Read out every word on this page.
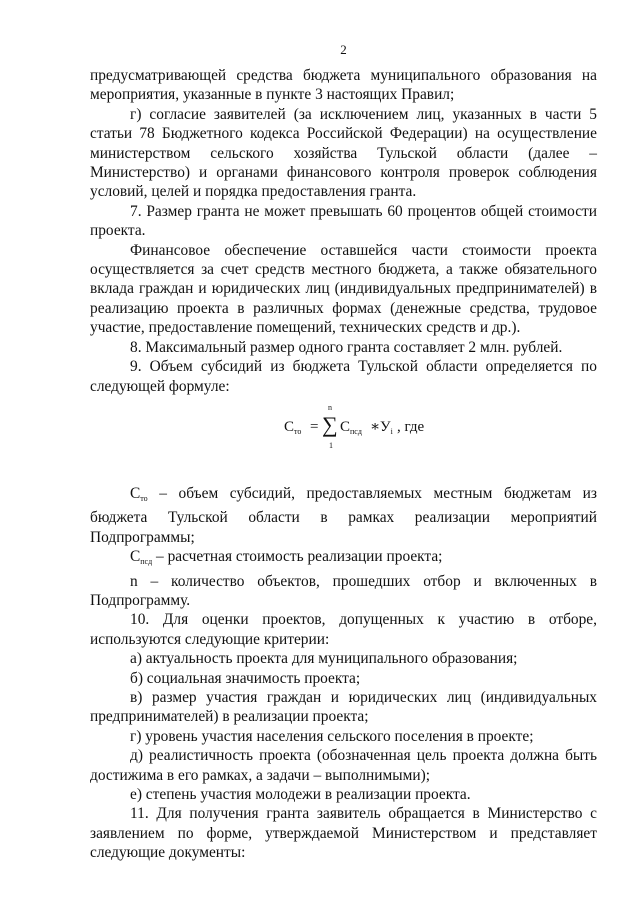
2

предусматривающей средства бюджета муниципального образования на мероприятия, указанные в пункте 3 настоящих Правил;

г) согласие заявителей (за исключением лиц, указанных в части 5 статьи 78 Бюджетного кодекса Российской Федерации) на осуществление министерством сельского хозяйства Тульской области (далее – Министерство) и органами финансового контроля проверок соблюдения условий, целей и порядка предоставления гранта.

7. Размер гранта не может превышать 60 процентов общей стоимости проекта.

Финансовое обеспечение оставшейся части стоимости проекта осуществляется за счет средств местного бюджета, а также обязательного вклада граждан и юридических лиц (индивидуальных предпринимателей) в реализацию проекта в различных формах (денежные средства, трудовое участие, предоставление помещений, технических средств и др.).

8. Максимальный размер одного гранта составляет 2 млн. рублей.

9. Объем субсидий из бюджета Тульской области определяется по следующей формуле:

$С_{то}$ =
n
∑
1
$С_{псд}$ ∗ $У_i$ , где

Сто – объем субсидий, предоставляемых местным бюджетам из бюджета Тульской области в рамках реализации мероприятий Подпрограммы;

Спсд – расчетная стоимость реализации проекта;

n – количество объектов, прошедших отбор и включенных в Подпрограмму.

10. Для оценки проектов, допущенных к участию в отборе, используются следующие критерии:

а) актуальность проекта для муниципального образования;

б) социальная значимость проекта;

в) размер участия граждан и юридических лиц (индивидуальных предпринимателей) в реализации проекта;

г) уровень участия населения сельского поселения в проекте;

д) реалистичность проекта (обозначенная цель проекта должна быть достижима в его рамках, а задачи – выполнимыми);

е) степень участия молодежи в реализации проекта.

11. Для получения гранта заявитель обращается в Министерство с заявлением по форме, утверждаемой Министерством и представляет следующие документы:
